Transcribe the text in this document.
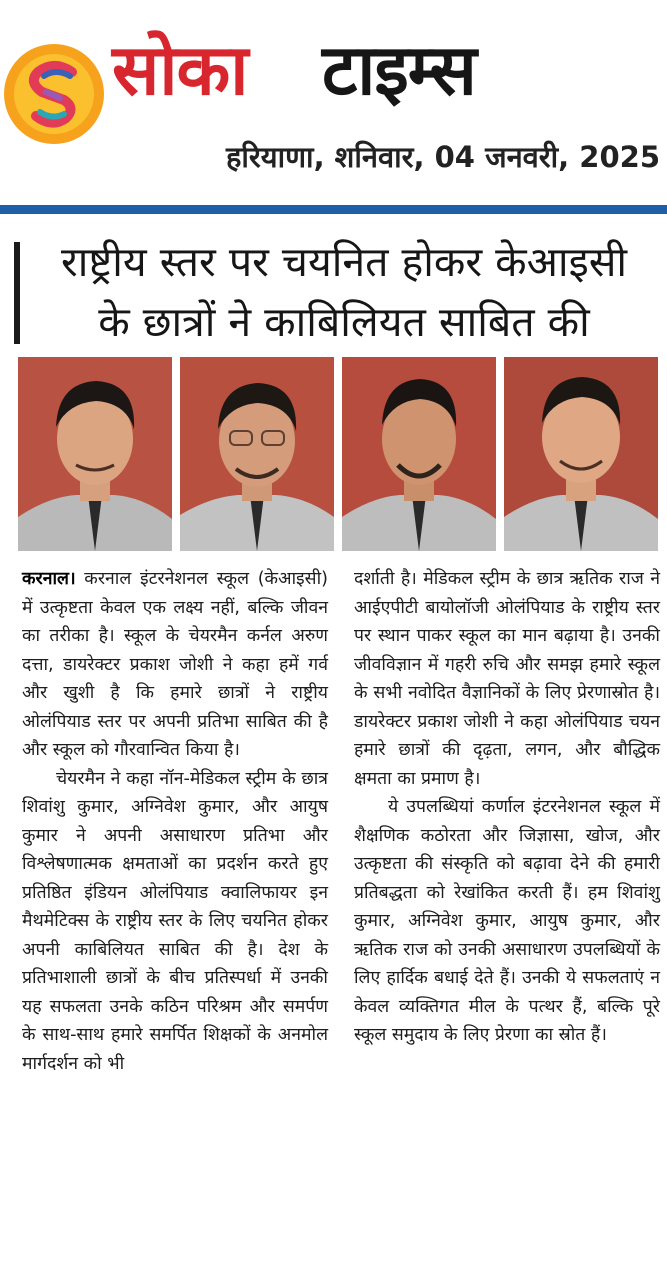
सोका टाइम्स
हरियाणा, शनिवार, 04 जनवरी, 2025
राष्ट्रीय स्तर पर चयनित होकर केआइसी
के छात्रों ने काबिलियत साबित की

करनाल। करनाल इंटरनेशनल स्कूल (केआइसी) में उत्कृष्टता केवल एक लक्ष्य नहीं, बल्कि जीवन का तरीका है। स्कूल के चेयरमैन कर्नल अरुण दत्ता, डायरेक्टर प्रकाश जोशी ने कहा हमें गर्व और खुशी है कि हमारे छात्रों ने राष्ट्रीय ओलंपियाड स्तर पर अपनी प्रतिभा साबित की है और स्कूल को गौरवान्वित किया है।

चेयरमैन ने कहा नॉन-मेडिकल स्ट्रीम के छात्र शिवांशु कुमार, अग्निवेश कुमार, और आयुष कुमार ने अपनी असाधारण प्रतिभा और विश्लेषणात्मक क्षमताओं का प्रदर्शन करते हुए प्रतिष्ठित इंडियन ओलंपियाड क्वालिफायर इन मैथमेटिक्स के राष्ट्रीय स्तर के लिए चयनित होकर अपनी काबिलियत साबित की है। देश के प्रतिभाशाली छात्रों के बीच प्रतिस्पर्धा में उनकी यह सफलता उनके कठिन परिश्रम और समर्पण के साथ-साथ हमारे समर्पित शिक्षकों के अनमोल मार्गदर्शन को भी

दर्शाती है। मेडिकल स्ट्रीम के छात्र ऋतिक राज ने आईएपीटी बायोलॉजी ओलंपियाड के राष्ट्रीय स्तर पर स्थान पाकर स्कूल का मान बढ़ाया है। उनकी जीवविज्ञान में गहरी रुचि और समझ हमारे स्कूल के सभी नवोदित वैज्ञानिकों के लिए प्रेरणास्रोत है। डायरेक्टर प्रकाश जोशी ने कहा ओलंपियाड चयन हमारे छात्रों की दृढ़ता, लगन, और बौद्धिक क्षमता का प्रमाण है।

ये उपलब्धियां कर्णाल इंटरनेशनल स्कूल में शैक्षणिक कठोरता और जिज्ञासा, खोज, और उत्कृष्टता की संस्कृति को बढ़ावा देने की हमारी प्रतिबद्धता को रेखांकित करती हैं। हम शिवांशु कुमार, अग्निवेश कुमार, आयुष कुमार, और ऋतिक राज को उनकी असाधारण उपलब्धियों के लिए हार्दिक बधाई देते हैं। उनकी ये सफलताएं न केवल व्यक्तिगत मील के पत्थर हैं, बल्कि पूरे स्कूल समुदाय के लिए प्रेरणा का स्रोत हैं।
